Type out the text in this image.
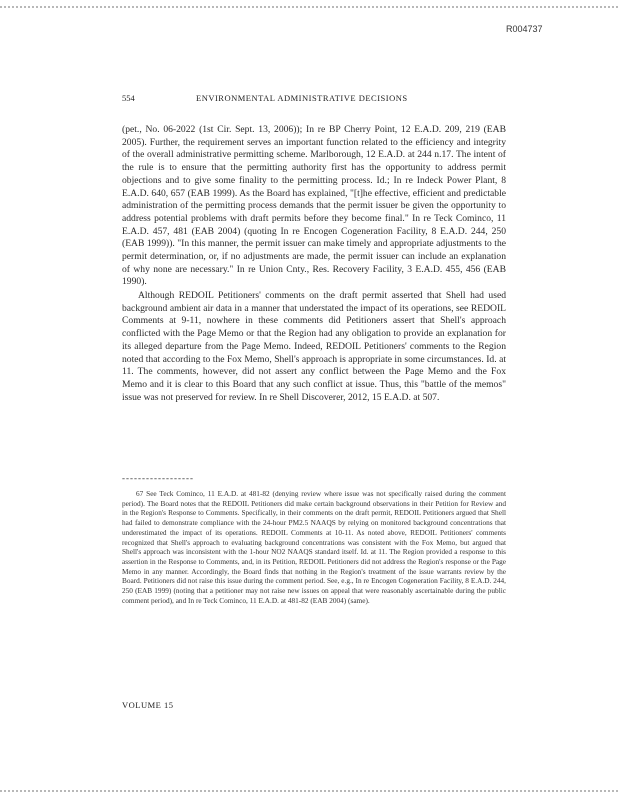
R004737
554	ENVIRONMENTAL ADMINISTRATIVE DECISIONS
(pet., No. 06-2022 (1st Cir. Sept. 13, 2006)); In re BP Cherry Point, 12 E.A.D. 209, 219 (EAB 2005). Further, the requirement serves an important function related to the efficiency and integrity of the overall administrative permitting scheme. Marlborough, 12 E.A.D. at 244 n.17. The intent of the rule is to ensure that the permitting authority first has the opportunity to address permit objections and to give some finality to the permitting process. Id.; In re Indeck Power Plant, 8 E.A.D. 640, 657 (EAB 1999). As the Board has explained, "[t]he effective, efficient and predictable administration of the permitting process demands that the permit issuer be given the opportunity to address potential problems with draft permits before they become final." In re Teck Cominco, 11 E.A.D. 457, 481 (EAB 2004) (quoting In re Encogen Cogeneration Facility, 8 E.A.D. 244, 250 (EAB 1999)). "In this manner, the permit issuer can make timely and appropriate adjustments to the permit determination, or, if no adjustments are made, the permit issuer can include an explanation of why none are necessary." In re Union Cnty., Res. Recovery Facility, 3 E.A.D. 455, 456 (EAB 1990).
Although REDOIL Petitioners' comments on the draft permit asserted that Shell had used background ambient air data in a manner that understated the impact of its operations, see REDOIL Comments at 9-11, nowhere in these comments did Petitioners assert that Shell's approach conflicted with the Page Memo or that the Region had any obligation to provide an explanation for its alleged departure from the Page Memo. Indeed, REDOIL Petitioners' comments to the Region noted that according to the Fox Memo, Shell's approach is appropriate in some circumstances. Id. at 11. The comments, however, did not assert any conflict between the Page Memo and the Fox Memo and it is clear to this Board that any such conflict at issue. Thus, this "battle of the memos" issue was not preserved for review. In re Shell Discoverer, 2012, 15 E.A.D. at 507.
------------------
67 See Teck Cominco, 11 E.A.D. at 481-82 (denying review where issue was not specifically raised during the comment period). The Board notes that the REDOIL Petitioners did make certain background observations in their Petition for Review and in the Region's Response to Comments. Specifically, in their comments on the draft permit, REDOIL Petitioners argued that Shell had failed to demonstrate compliance with the 24-hour PM2.5 NAAQS by relying on monitored background concentrations that underestimated the impact of its operations. REDOIL Comments at 10-11. As noted above, REDOIL Petitioners' comments recognized that Shell's approach to evaluating background concentrations was consistent with the Fox Memo, but argued that Shell's approach was inconsistent with the 1-hour NO2 NAAQS standard itself. Id. at 11. The Region provided a response to this assertion in the Response to Comments, and, in its Petition, REDOIL Petitioners did not address the Region's response or the Page Memo in any manner. Accordingly, the Board finds that nothing in the Region's treatment of the issue warrants review by the Board. Petitioners did not raise this issue during the comment period. See, e.g., In re Encogen Cogeneration Facility, 8 E.A.D. 244, 250 (EAB 1999) (noting that a petitioner may not raise new issues on appeal that were reasonably ascertainable during the public comment period), and In re Teck Cominco, 11 E.A.D. at 481-82 (EAB 2004) (same).
VOLUME 15
